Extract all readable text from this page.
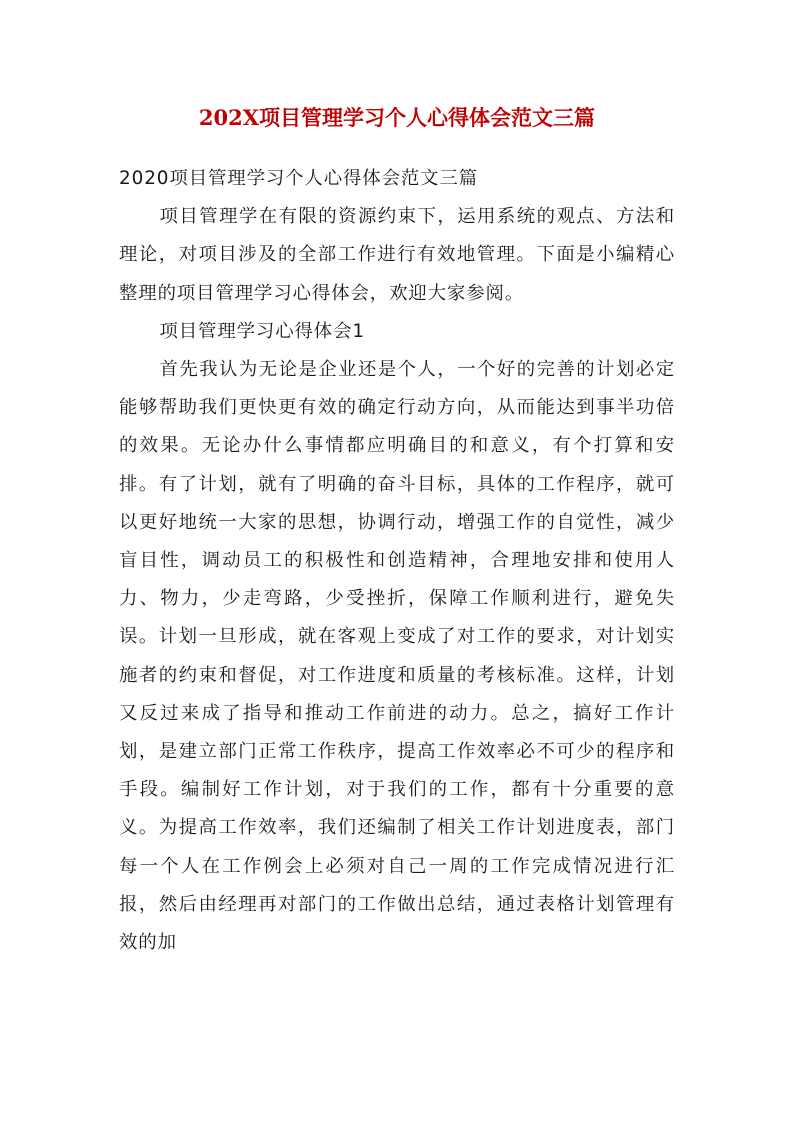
202X项目管理学习个人心得体会范文三篇

2020项目管理学习个人心得体会范文三篇

项目管理学在有限的资源约束下，运用系统的观点、方法和理论，对项目涉及的全部工作进行有效地管理。下面是小编精心整理的项目管理学习心得体会，欢迎大家参阅。

项目管理学习心得体会1

首先我认为无论是企业还是个人，一个好的完善的计划必定能够帮助我们更快更有效的确定行动方向，从而能达到事半功倍的效果。无论办什么事情都应明确目的和意义，有个打算和安排。有了计划，就有了明确的奋斗目标，具体的工作程序，就可以更好地统一大家的思想，协调行动，增强工作的自觉性，减少盲目性，调动员工的积极性和创造精神，合理地安排和使用人力、物力，少走弯路，少受挫折，保障工作顺利进行，避免失误。计划一旦形成，就在客观上变成了对工作的要求，对计划实施者的约束和督促，对工作进度和质量的考核标准。这样，计划又反过来成了指导和推动工作前进的动力。总之，搞好工作计划，是建立部门正常工作秩序，提高工作效率必不可少的程序和手段。编制好工作计划，对于我们的工作，都有十分重要的意义。为提高工作效率，我们还编制了相关工作计划进度表，部门每一个人在工作例会上必须对自己一周的工作完成情况进行汇报，然后由经理再对部门的工作做出总结，通过表格计划管理有效的加
